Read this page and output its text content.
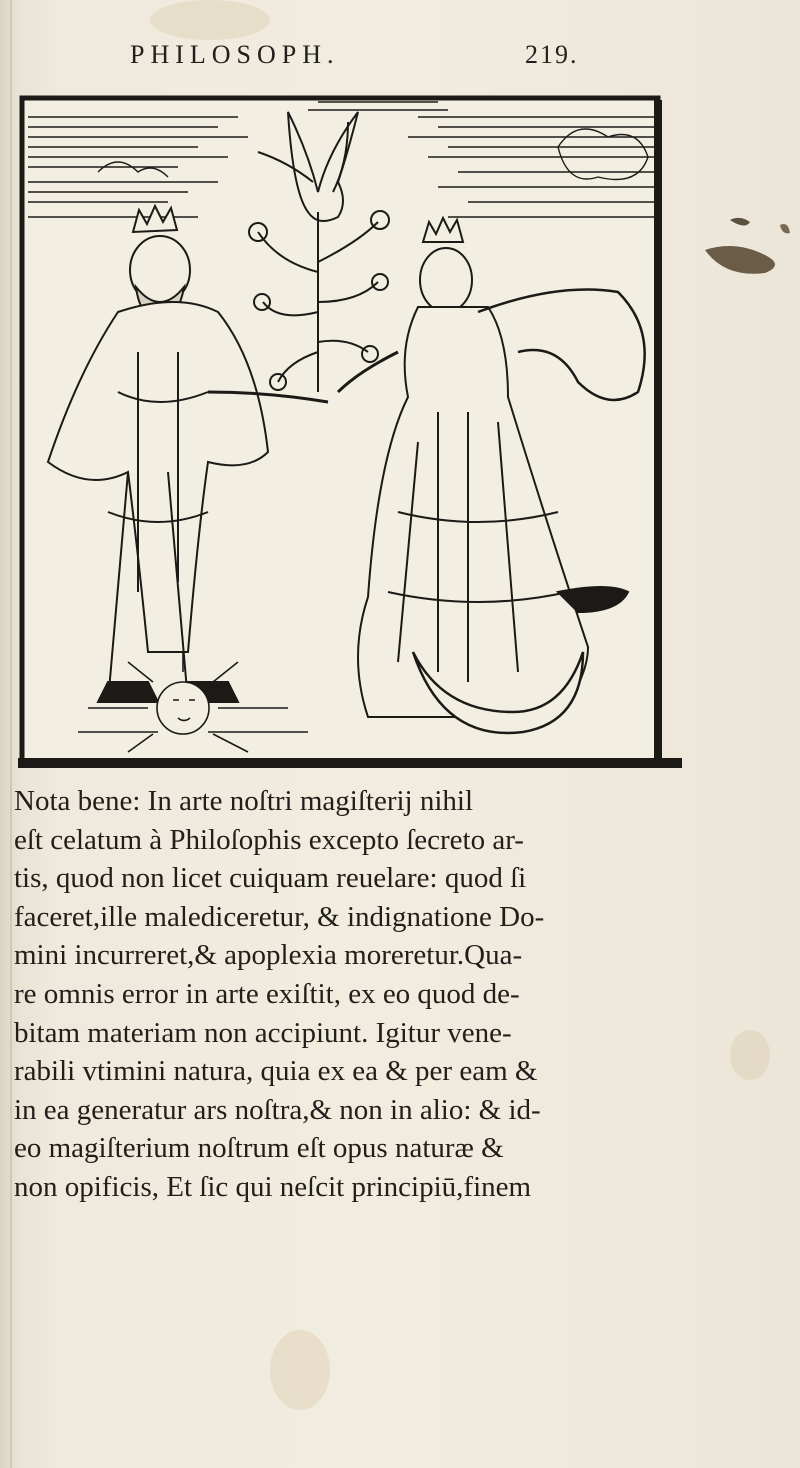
PHILOSOPH.	219.
Nota bene: In arte noſtri magiſterij nihil
eſt celatum à Philoſophis excepto ſecreto ar-
tis, quod non licet cuiquam reuelare: quod ſi
faceret,ille malediceretur, & indignatione Do-
mini incurreret,& apoplexia moreretur.Qua-
re omnis error in arte exiſtit, ex eo quod de-
bitam materiam non accipiunt. Igitur vene-
rabili vtimini natura, quia ex ea & per eam &
in ea generatur ars noſtra,& non in alio: & id-
eo magiſterium noſtrum eſt opus naturæ &
non opificis, Et ſic qui neſcit principiū,finem
